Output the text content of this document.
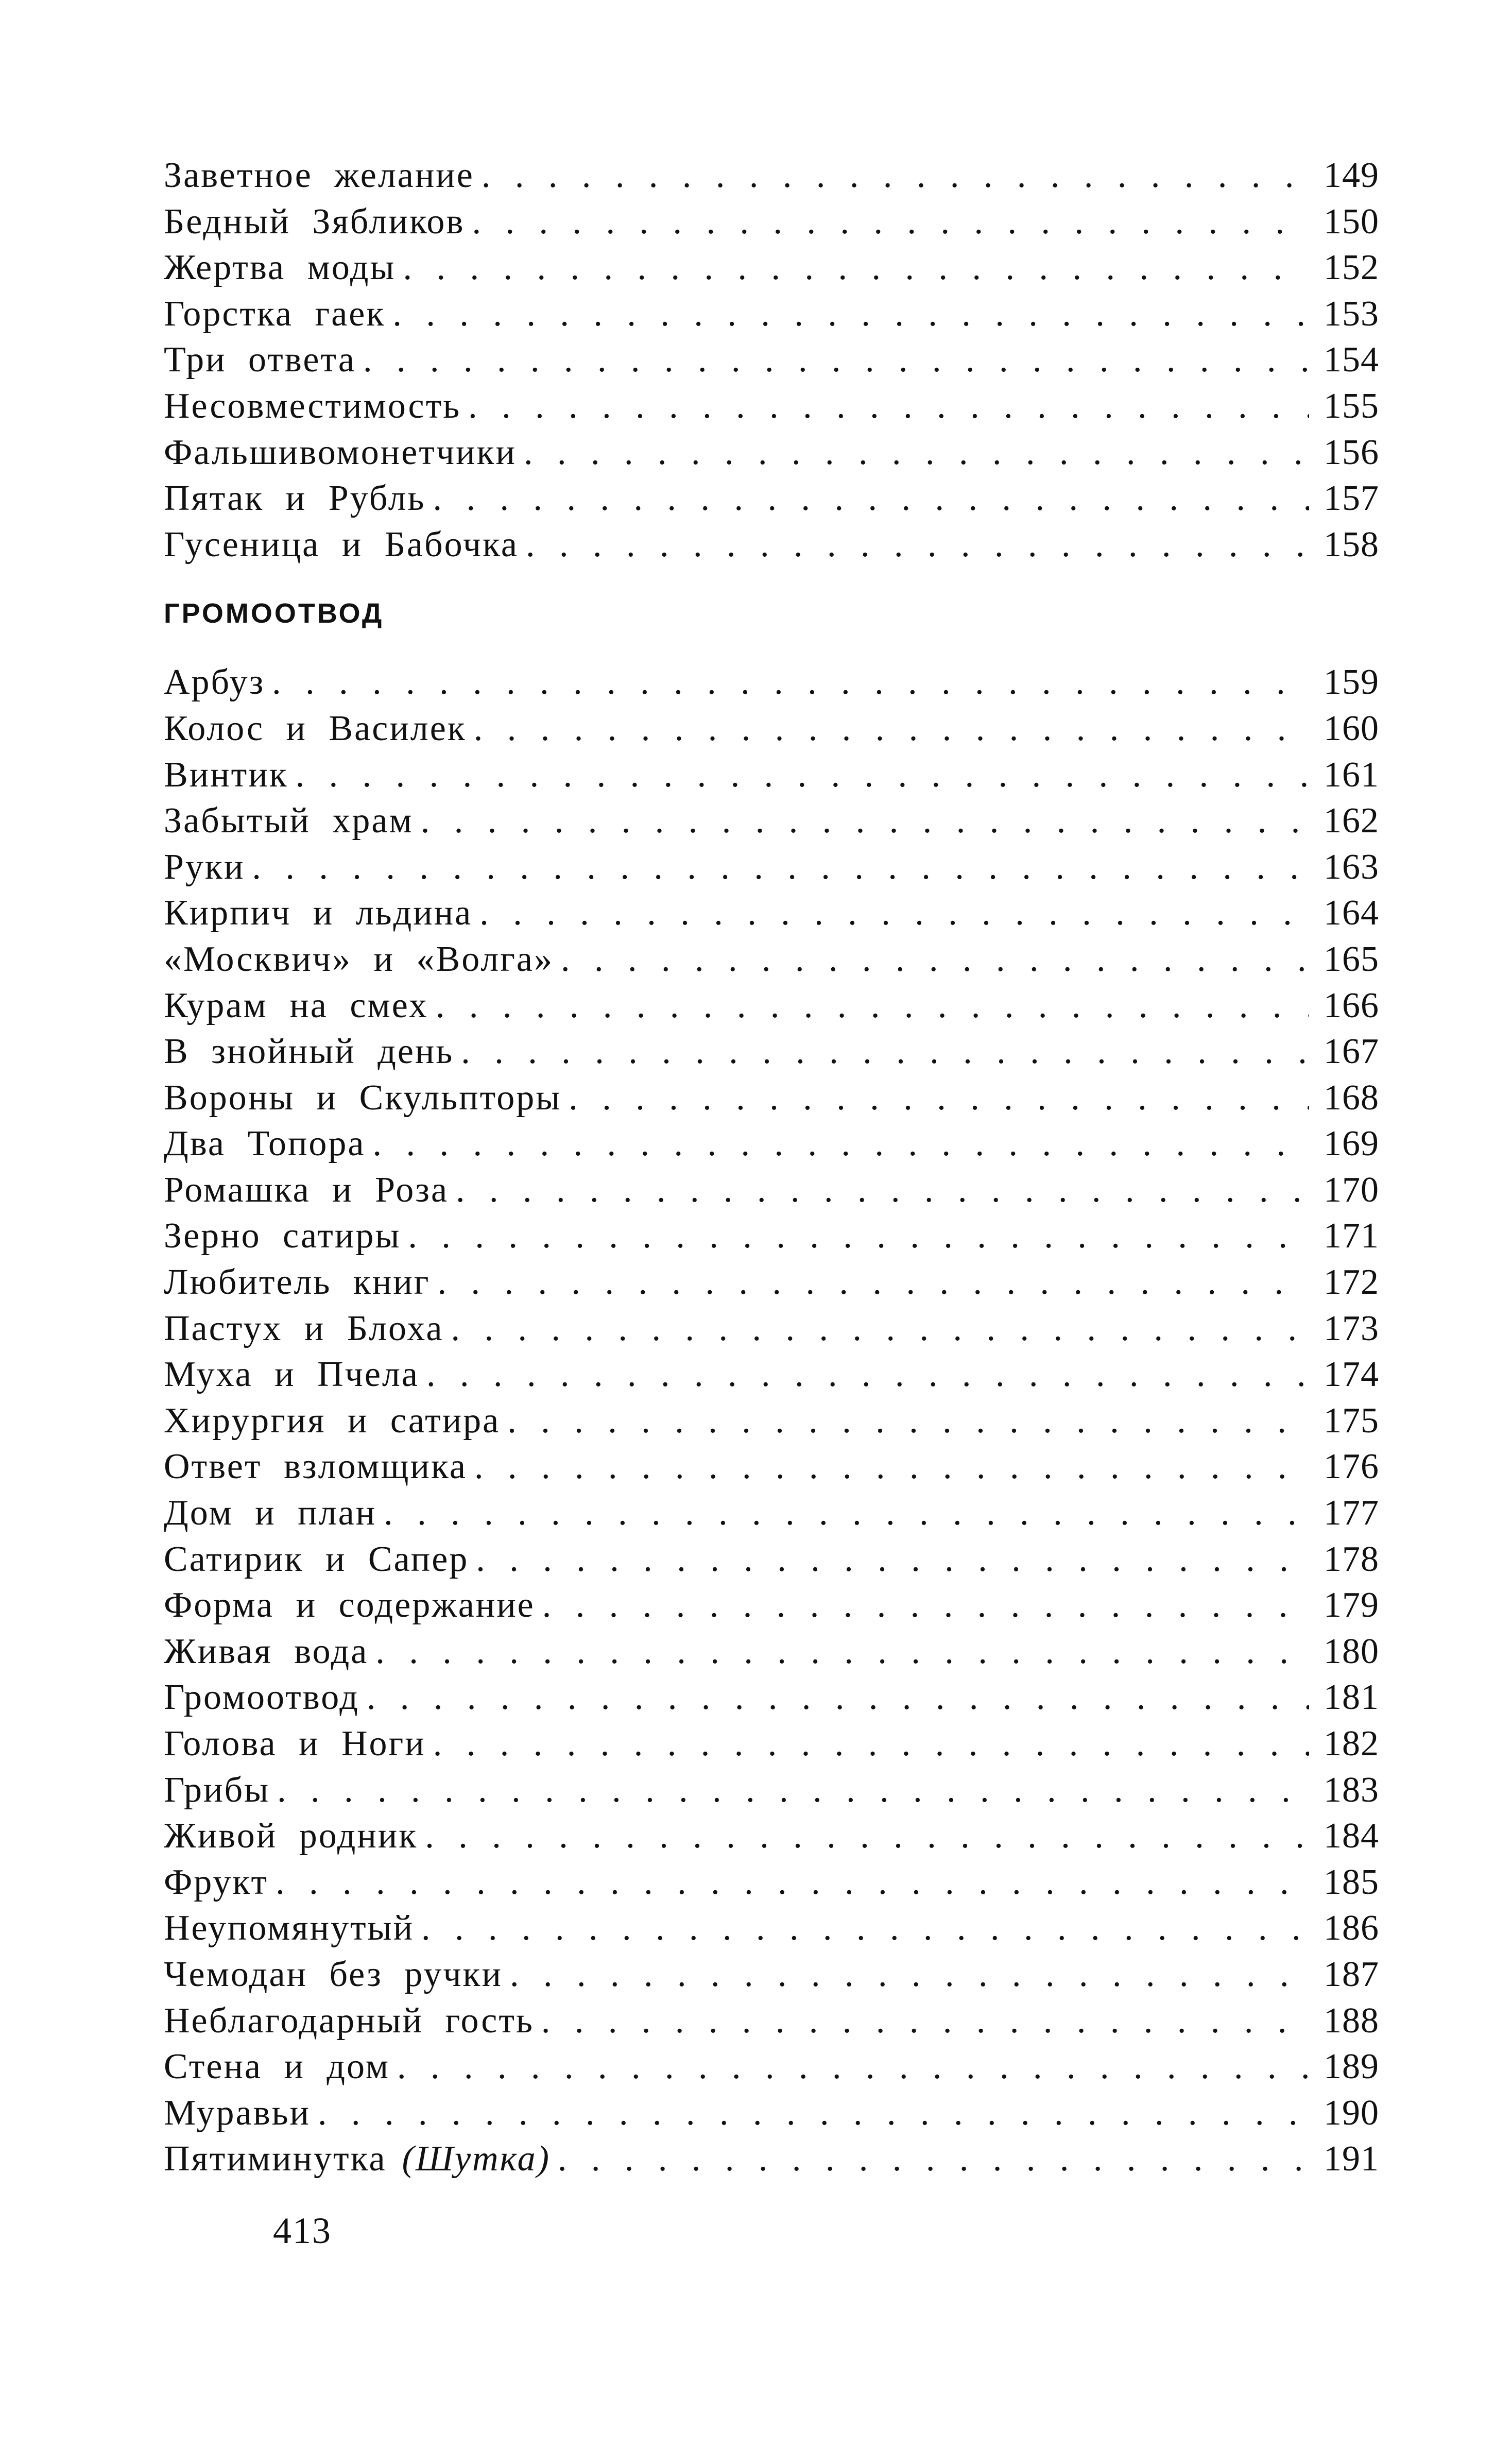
Заветное желание . . .	149
Бедный Зябликов . . .	150
Жертва моды . . .	152
Горстка гаек . . .	153
Три ответа . . .	154
Несовместимость . . .	155
Фальшивомонетчики . . .	156
Пятак и Рубль . . .	157
Гусеница и Бабочка . . .	158
ГРОМООТВОД
Арбуз . . .	159
Колос и Василек . . .	160
Винтик . . .	161
Забытый храм . . .	162
Руки . . .	163
Кирпич и льдина . . .	164
«Москвич» и «Волга» . . .	165
Курам на смех . . .	166
В знойный день . . .	167
Вороны и Скульпторы . . .	168
Два Топора . . .	169
Ромашка и Роза . . .	170
Зерно сатиры . . .	171
Любитель книг . . .	172
Пастух и Блоха . . .	173
Муха и Пчела . . .	174
Хирургия и сатира . . .	175
Ответ взломщика . . .	176
Дом и план . . .	177
Сатирик и Сапер . . .	178
Форма и содержание . . .	179
Живая вода . . .	180
Громоотвод . . .	181
Голова и Ноги . . .	182
Грибы . . .	183
Живой родник . . .	184
Фрукт . . .	185
Неупомянутый . . .	186
Чемодан без ручки . . .	187
Неблагодарный гость . . .	188
Стена и дом . . .	189
Муравьи . . .	190
Пятиминутка (Шутка) . . .	191
413
